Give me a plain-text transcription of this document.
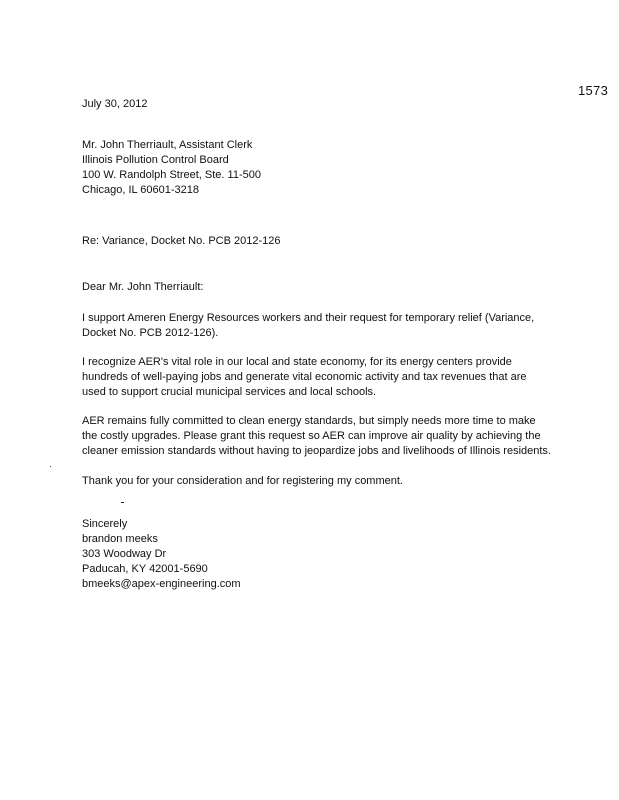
1573
July 30, 2012
Mr. John Therriault, Assistant Clerk
Illinois Pollution Control Board
100 W. Randolph Street, Ste. 11-500
Chicago, IL 60601-3218
Re: Variance, Docket No. PCB 2012-126
Dear Mr. John Therriault:
I support Ameren Energy Resources workers and their request for temporary relief (Variance,
Docket No. PCB 2012-126).
I recognize AER's vital role in our local and state economy, for its energy centers provide
hundreds of well-paying jobs and generate vital economic activity and tax revenues that are
used to support crucial municipal services and local schools.
AER remains fully committed to clean energy standards, but simply needs more time to make
the costly upgrades. Please grant this request so AER can improve air quality by achieving the
cleaner emission standards without having to jeopardize jobs and livelihoods of Illinois residents.
Thank you for your consideration and for registering my comment.
Sincerely
brandon meeks
303 Woodway Dr
Paducah, KY 42001-5690
bmeeks@apex-engineering.com
